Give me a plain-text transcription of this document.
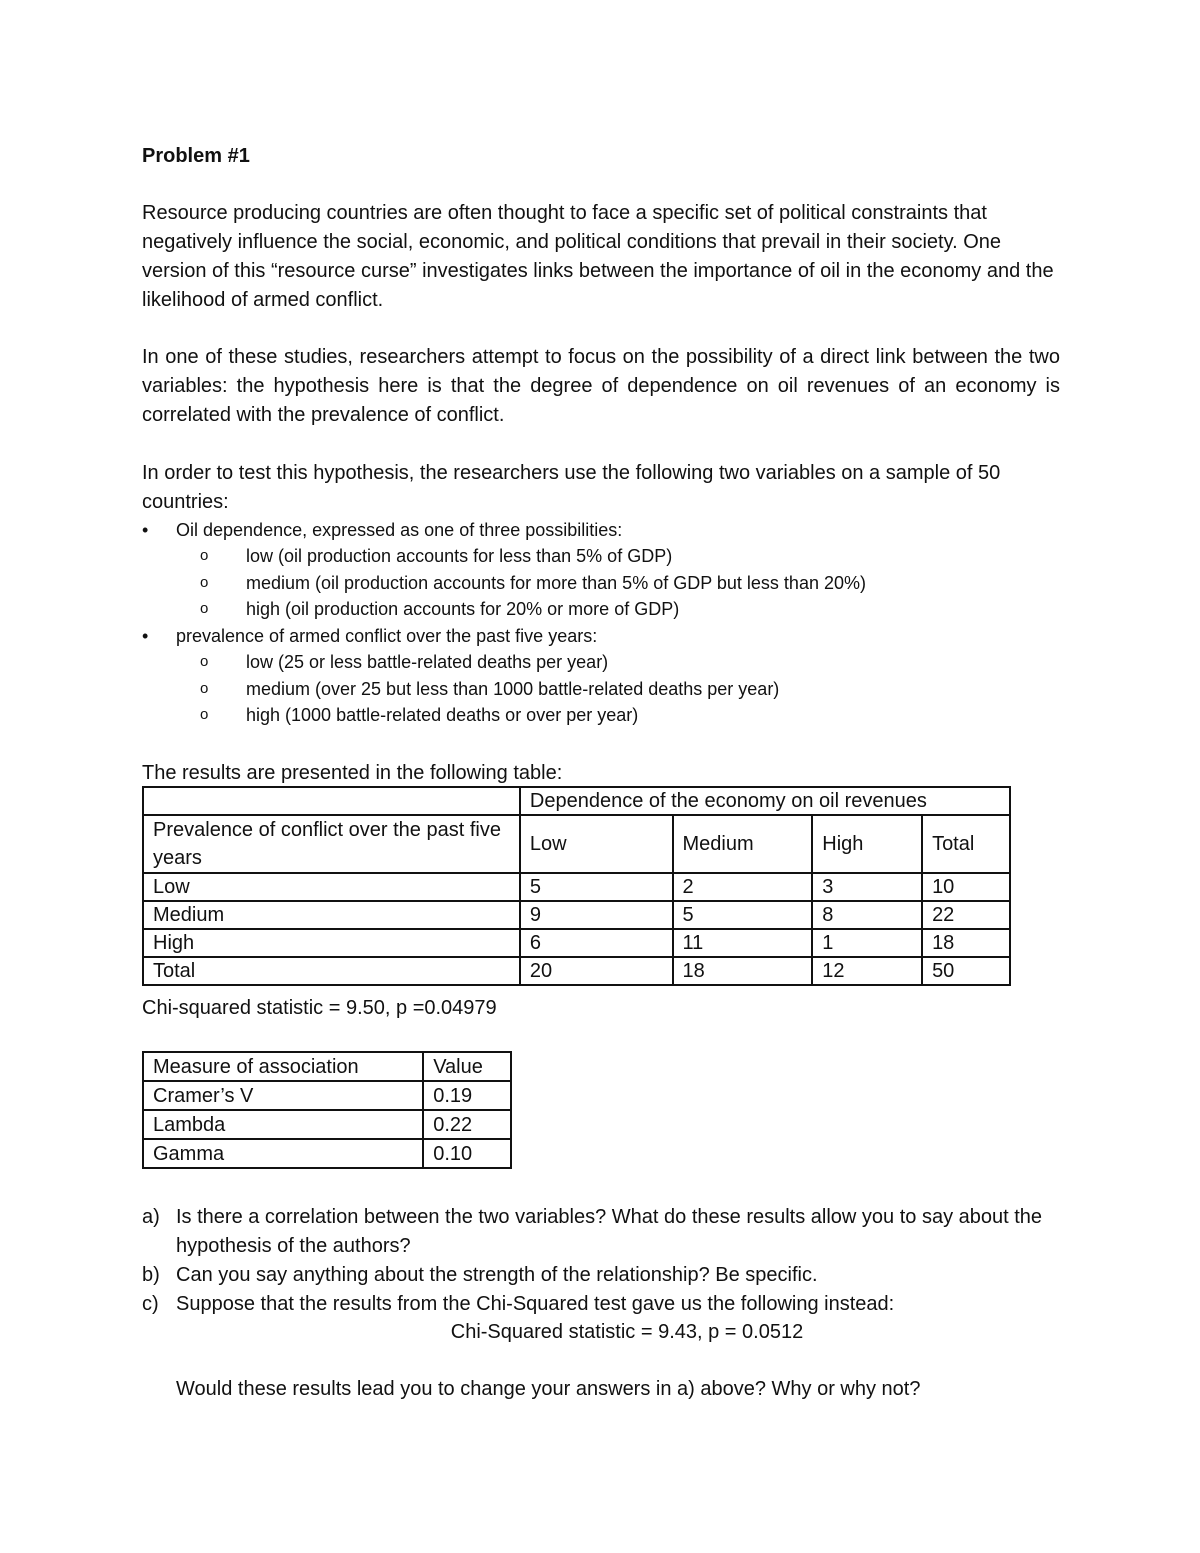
Problem #1
Resource producing countries are often thought to face a specific set of political constraints that negatively influence the social, economic, and political conditions that prevail in their society. One version of this “resource curse” investigates links between the importance of oil in the economy and the likelihood of armed conflict.
In one of these studies, researchers attempt to focus on the possibility of a direct link between the two variables: the hypothesis here is that the degree of dependence on oil revenues of an economy is correlated with the prevalence of conflict.
In order to test this hypothesis, the researchers use the following two variables on a sample of 50 countries:
•	Oil dependence, expressed as one of three possibilities:
o low (oil production accounts for less than 5% of GDP)
o medium (oil production accounts for more than 5% of GDP but less than 20%)
o high (oil production accounts for 20% or more of GDP)
•	prevalence of armed conflict over the past five years:
o low (25 or less battle-related deaths per year)
o medium (over 25 but less than 1000 battle-related deaths per year)
o high (1000 battle-related deaths or over per year)
The results are presented in the following table:
	Dependence of the economy on oil revenues			
Prevalence of conflict over the past five years	Low	Medium	High	Total
Low	5	2	3	10
Medium	9	5	8	22
High	6	11	1	18
Total	20	18	12	50
Chi-squared statistic = 9.50, p =0.04979
Measure of association	Value
Cramer’s V	0.19
Lambda	0.22
Gamma	0.10
a) Is there a correlation between the two variables? What do these results allow you to say about the hypothesis of the authors?
b) Can you say anything about the strength of the relationship? Be specific.
c) Suppose that the results from the Chi-Squared test gave us the following instead:
Chi-Squared statistic = 9.43, p = 0.0512
Would these results lead you to change your answers in a) above? Why or why not?
